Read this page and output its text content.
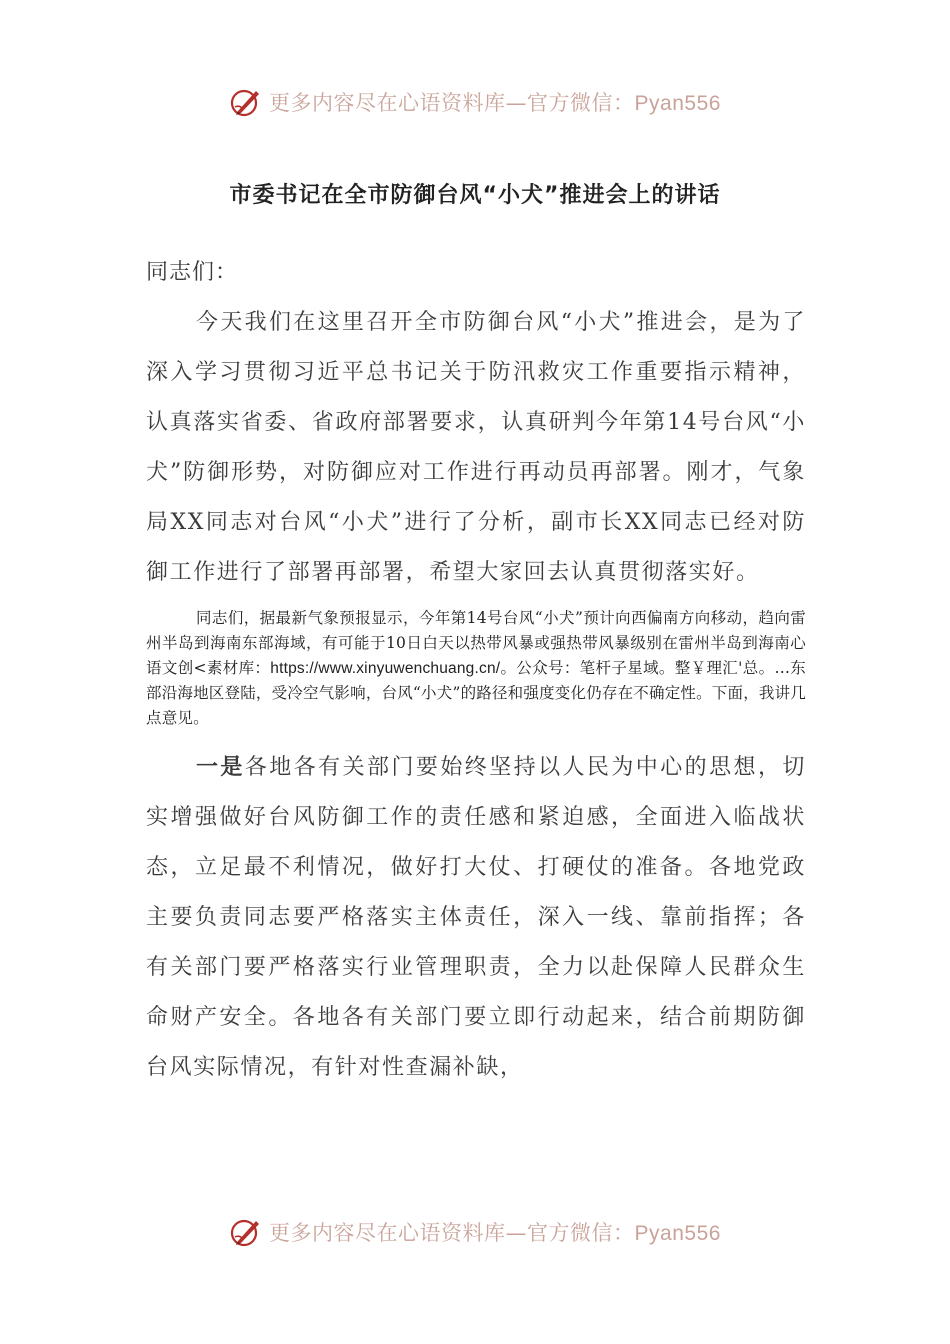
更多内容尽在心语资料库—官方微信：Pyan556
市委书记在全市防御台风“小犬”推进会上的讲话

同志们：

今天我们在这里召开全市防御台风“小犬”推进会，是为了深入学习贯彻习近平总书记关于防汛救灾工作重要指示精神，认真落实省委、省政府部署要求，认真研判今年第14号台风“小犬”防御形势，对防御应对工作进行再动员再部署。刚才，气象局XX同志对台风“小犬”进行了分析，副市长XX同志已经对防御工作进行了部署再部署，希望大家回去认真贯彻落实好。

同志们，据最新气象预报显示，今年第14号台风“小犬”预计向西偏南方向移动，趋向雷州半岛到海南东部海域，有可能于10日白天以热带风暴或强热带风暴级别在雷州半岛到海南心语文创<素材库：https://www.xinyuwenchuang.cn/。公众号：笔杆子星域。整￥理汇'总。…东部沿海地区登陆，受冷空气影响，台风“小犬”的路径和强度变化仍存在不确定性。下面，我讲几点意见。

一是各地各有关部门要始终坚持以人民为中心的思想，切实增强做好台风防御工作的责任感和紧迫感，全面进入临战状态，立足最不利情况，做好打大仗、打硬仗的准备。各地党政主要负责同志要严格落实主体责任，深入一线、靠前指挥；各有关部门要严格落实行业管理职责，全力以赴保障人民群众生命财产安全。各地各有关部门要立即行动起来，结合前期防御台风实际情况，有针对性查漏补缺，

更多内容尽在心语资料库—官方微信：Pyan556
